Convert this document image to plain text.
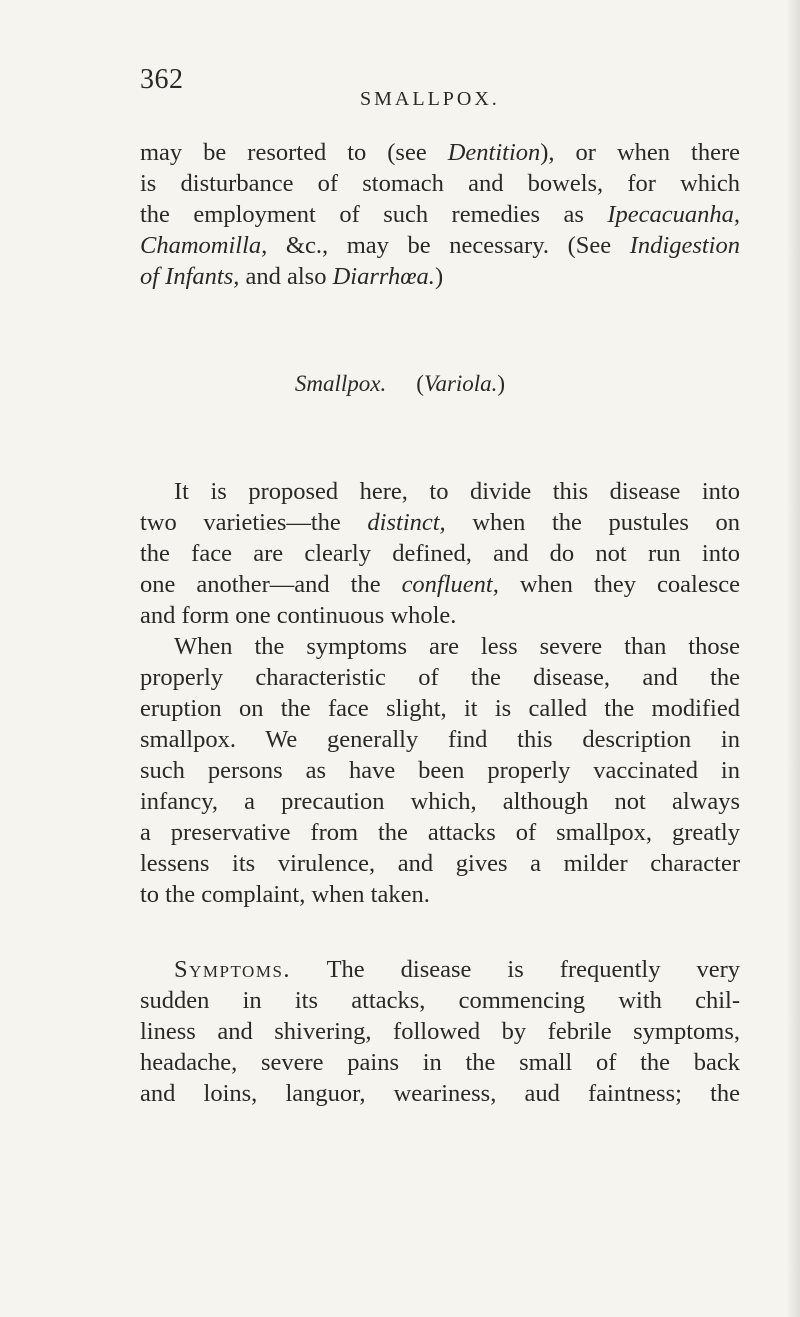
362
SMALLPOX.
may be resorted to (see Dentition), or when there
is disturbance of stomach and bowels, for which
the employment of such remedies as Ipecacuanha,
Chamomilla, &c., may be necessary. (See Indigestion
of Infants, and also Diarrhœa.)
Smallpox. (Variola.)
It is proposed here, to divide this disease into
two varieties—the distinct, when the pustules on
the face are clearly defined, and do not run into
one another—and the confluent, when they coalesce
and form one continuous whole.
When the symptoms are less severe than those
properly characteristic of the disease, and the
eruption on the face slight, it is called the modified
smallpox. We generally find this description in
such persons as have been properly vaccinated in
infancy, a precaution which, although not always
a preservative from the attacks of smallpox, greatly
lessens its virulence, and gives a milder character
to the complaint, when taken.
Symptoms. The disease is frequently very
sudden in its attacks, commencing with chil-
liness and shivering, followed by febrile symptoms,
headache, severe pains in the small of the back
and loins, languor, weariness, aud faintness; the
